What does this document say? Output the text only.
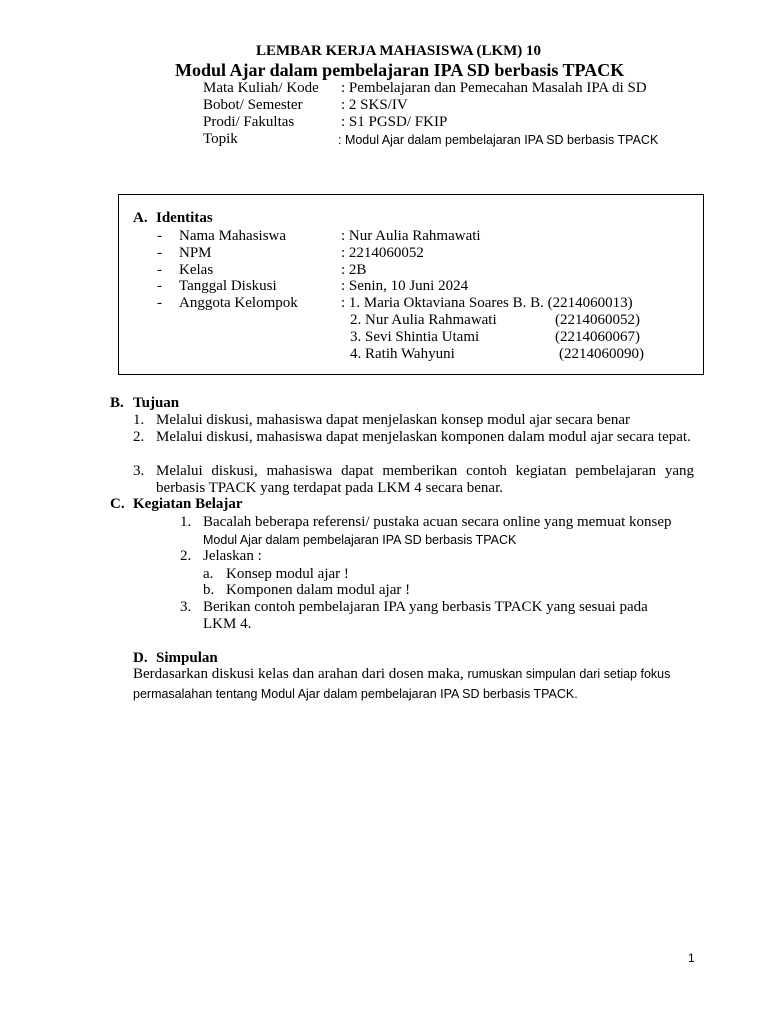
LEMBAR KERJA MAHASISWA (LKM) 10
Modul Ajar dalam pembelajaran IPA SD berbasis TPACK
Mata Kuliah/ Kode : Pembelajaran dan Pemecahan Masalah IPA di SD
Bobot/ Semester	: 2 SKS/IV
Prodi/ Fakultas	: S1 PGSD/ FKIP
Topik	: Modul Ajar dalam pembelajaran IPA SD berbasis TPACK
A. Identitas
- Nama Mahasiswa	: Nur Aulia Rahmawati
- NPM	: 2214060052
- Kelas	: 2B
- Tanggal Diskusi	: Senin, 10 Juni 2024
- Anggota Kelompok	: 1. Maria Oktaviana Soares B. B. (2214060013)
2. Nur Aulia Rahmawati	(2214060052)
3. Sevi Shintia Utami	(2214060067)
4. Ratih Wahyuni	(2214060090)
B. Tujuan
1. Melalui diskusi, mahasiswa dapat menjelaskan konsep modul ajar secara benar
2. Melalui diskusi, mahasiswa dapat menjelaskan komponen dalam modul ajar secara tepat.
3. Melalui diskusi, mahasiswa dapat memberikan contoh kegiatan pembelajaran yang berbasis TPACK yang terdapat pada LKM 4 secara benar.
C. Kegiatan Belajar
1. Bacalah beberapa referensi/ pustaka acuan secara online yang memuat konsep
Modul Ajar dalam pembelajaran IPA SD berbasis TPACK
2. Jelaskan :
a. Konsep modul ajar !
b. Komponen dalam modul ajar !
3. Berikan contoh pembelajaran IPA yang berbasis TPACK yang sesuai pada
LKM 4.
D. Simpulan
Berdasarkan diskusi kelas dan arahan dari dosen maka, rumuskan simpulan dari setiap fokus
permasalahan tentang Modul Ajar dalam pembelajaran IPA SD berbasis TPACK.
1
